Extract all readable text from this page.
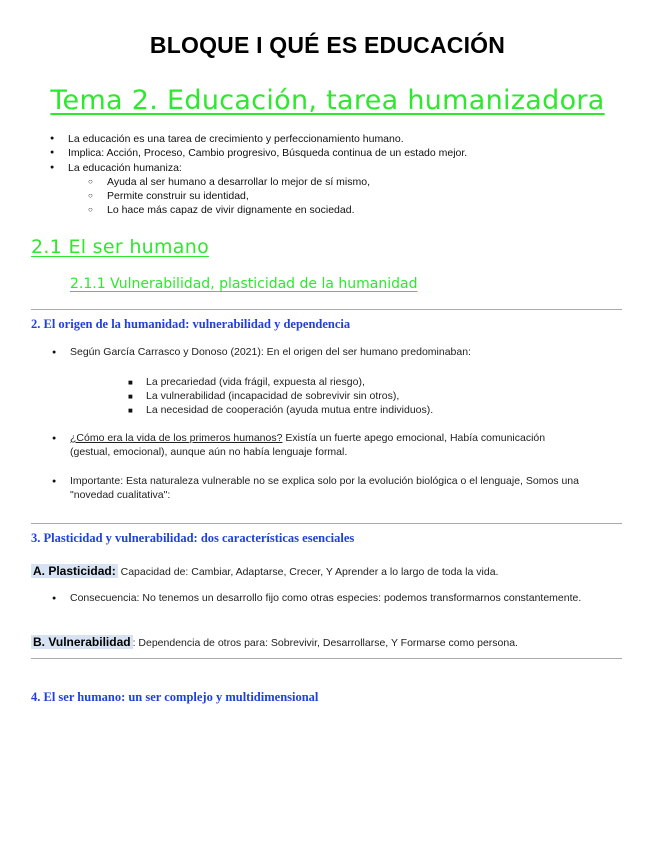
BLOQUE I QUÉ ES EDUCACIÓN
Tema 2. Educación, tarea humanizadora
● La educación es una tarea de crecimiento y perfeccionamiento humano.
● Implica: Acción, Proceso, Cambio progresivo, Búsqueda continua de un estado mejor.
● La educación humaniza:
○ Ayuda al ser humano a desarrollar lo mejor de sí mismo,
○ Permite construir su identidad,
○ Lo hace más capaz de vivir dignamente en sociedad.
2.1 El ser humano
2.1.1 Vulnerabilidad, plasticidad de la humanidad
2. El origen de la humanidad: vulnerabilidad y dependencia
● Según García Carrasco y Donoso (2021): En el origen del ser humano predominaban:
■ La precariedad (vida frágil, expuesta al riesgo),
■ La vulnerabilidad (incapacidad de sobrevivir sin otros),
■ La necesidad de cooperación (ayuda mutua entre individuos).
● ¿Cómo era la vida de los primeros humanos? Existía un fuerte apego emocional, Había comunicación
(gestual, emocional), aunque aún no había lenguaje formal.
● Importante: Esta naturaleza vulnerable no se explica solo por la evolución biológica o el lenguaje, Somos una
"novedad cualitativa":
3. Plasticidad y vulnerabilidad: dos características esenciales
A. Plasticidad: Capacidad de: Cambiar, Adaptarse, Crecer, Y Aprender a lo largo de toda la vida.
● Consecuencia: No tenemos un desarrollo fijo como otras especies: podemos transformarnos constantemente.
B. Vulnerabilidad : Dependencia de otros para: Sobrevivir, Desarrollarse, Y Formarse como persona.
4. El ser humano: un ser complejo y multidimensional
